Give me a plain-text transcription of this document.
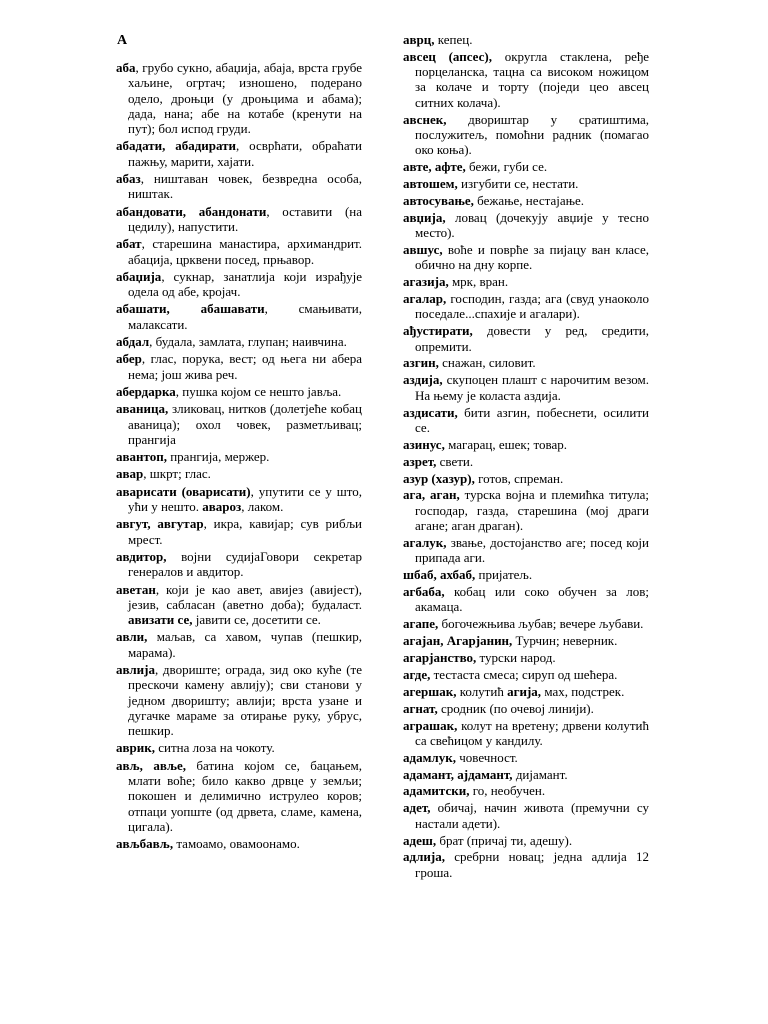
А
аба, грубо сукно, абаџија, абаја, врста грубе хаљине, огртач; изношено, подерано одело, дроњци (у дроњцима и абама); дада, нана; абе на котабе (кренути на пут); бол испод груди.
абадати, абадирати, осврћати, обраћати пажњу, марити, хајати.
абаз, ништаван човек, безвредна особа, ништак.
абандовати, абандонати, оставити (на цедилу), напустити.
абат, старешина манастира, архимандрит. абација, црквени посед, прњавор.
абаџија, сукнар, занатлија који израђује одела од абе, кројач.
абашати, абашавати, смањивати, малаксати.
абдал, будала, замлата, глупан; наивчина.
абер, глас, порука, вест; од њега ни абера нема; још жива реч.
абердарка, пушка којом се нешто јавља.
аваница, зликовац, нитков (долетјеће кобац аваница); охол човек, разметљивац; прангија
авантоп, прангија, мержер.
авар, шкрт; глас.
аварисати (оварисати), упутити се у што, ући у нешто. авароз, лаком.
авгут, авгутар, икра, кавијар; сув рибљи мрест.
авдитор, војни судијаГовори секретар генералов и авдитор.
аветан, који је као авет, авијез (авијест), језив, сабласан (аветно доба); будаласт. авизати се, јавити се, досетити се.
авли, маљав, са хавом, чупав (пешкир, марама).
авлија, двориште; ограда, зид око куће (те прескочи камену авлију); сви станови у једном дворишту; авлији; врста узане и дугачке мараме за отирање руку, убрус, пешкир.
аврик, ситна лоза на чокоту.
ављ, авље, батина којом се, бацањем, млати воће; било какво дрвце у земљи; покошен и делимично иструлео коров; отпаци уопште (од дрвета, сламе, камена, цигала).
ављбављ, тамоамо, овамоонамо.
аврц, кепец.
авсец (апсес), округла стаклена, ређе порцеланска, тацна са високом ножицом за колаче и торту (поједи цео авсец ситних колача).
авснек, двориштар у сратиштима, послужитељ, помоћни радник (помагао око коња).
авте, афте, бежи, губи се.
автошем, изгубити се, нестати.
автосување, бежање, нестајање.
авџија, ловац (дочекују авџије у тесно место).
авшус, воће и поврће за пијацу ван класе, обично на дну корпе.
агазија, мрк, вран.
агалар, господин, газда; ага (свуд унаоколо поседале...спахије и агалари).
ађустирати, довести у ред, средити, опремити.
азгин, снажан, силовит.
аздија, скупоцен плашт с нарочитим везом. На њему је коласта аздија.
аздисати, бити азгин, побеснети, осилити се.
азинус, магарац, ешек; товар.
азрет, свети.
азур (хазур), готов, спреман.
ага, аган, турска војна и племићка титула; господар, газда, старешина (мој драги агане; аган драган).
агалук, звање, достојанство аге; посед који припада аги.
шбаб, ахбаб, пријатељ.
агбаба, кобац или соко обучен за лов; акамаца.
агапе, богочежњива љубав; вечере љубави.
агајан, Агарјанин, Турчин; неверник.
агарјанство, турски народ.
агде, тестаста смеса; сируп од шећера.
агершак, колутић агија, мах, подстрек.
агнат, сродник (по очевој линији).
аграшак, колут на вретену; дрвени колутић са свећицом у кандилу.
адамлук, човечност.
адамант, ајдамант, дијамант.
адамитски, го, необучен.
адет, обичај, начин живота (премучни су настали адети).
адеш, брат (причај ти, адешу).
адлија, сребрни новац; једна адлија 12 гроша.
